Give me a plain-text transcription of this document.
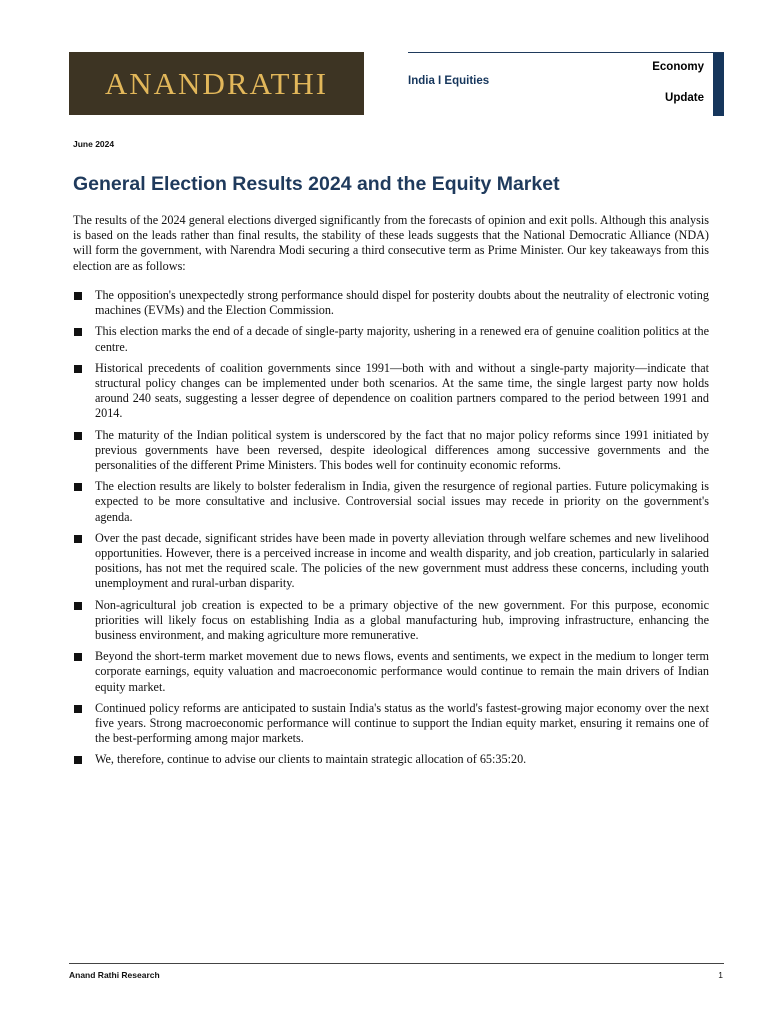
ANANDRATHI	India I Equities
Economy
Update
June 2024
General Election Results 2024 and the Equity Market

The results of the 2024 general elections diverged significantly from the forecasts of opinion and exit polls. Although this analysis is based on the leads rather than final results, the stability of these leads suggests that the National Democratic Alliance (NDA) will form the government, with Narendra Modi securing a third consecutive term as Prime Minister. Our key takeaways from this election are as follows:

The opposition's unexpectedly strong performance should dispel for posterity doubts about the neutrality of electronic voting machines (EVMs) and the Election Commission.
This election marks the end of a decade of single-party majority, ushering in a renewed era of genuine coalition politics at the centre.
Historical precedents of coalition governments since 1991—both with and without a single-party majority—indicate that structural policy changes can be implemented under both scenarios. At the same time, the single largest party now holds around 240 seats, suggesting a lesser degree of dependence on coalition partners compared to the period between 1991 and 2014.
The maturity of the Indian political system is underscored by the fact that no major policy reforms since 1991 initiated by previous governments have been reversed, despite ideological differences among successive governments and the personalities of the different Prime Ministers. This bodes well for continuity economic reforms.
The election results are likely to bolster federalism in India, given the resurgence of regional parties. Future policymaking is expected to be more consultative and inclusive. Controversial social issues may recede in priority on the government's agenda.
Over the past decade, significant strides have been made in poverty alleviation through welfare schemes and new livelihood opportunities. However, there is a perceived increase in income and wealth disparity, and job creation, particularly in salaried positions, has not met the required scale. The policies of the new government must address these concerns, including youth unemployment and rural-urban disparity.
Non-agricultural job creation is expected to be a primary objective of the new government. For this purpose, economic priorities will likely focus on establishing India as a global manufacturing hub, improving infrastructure, enhancing the business environment, and making agriculture more remunerative.
Beyond the short-term market movement due to news flows, events and sentiments, we expect in the medium to longer term corporate earnings, equity valuation and macroeconomic performance would continue to remain the main drivers of Indian equity market.
Continued policy reforms are anticipated to sustain India's status as the world's fastest-growing major economy over the next five years. Strong macroeconomic performance will continue to support the Indian equity market, ensuring it remains one of the best-performing among major markets.
We, therefore, continue to advise our clients to maintain strategic allocation of 65:35:20.
Anand Rathi Research	1
